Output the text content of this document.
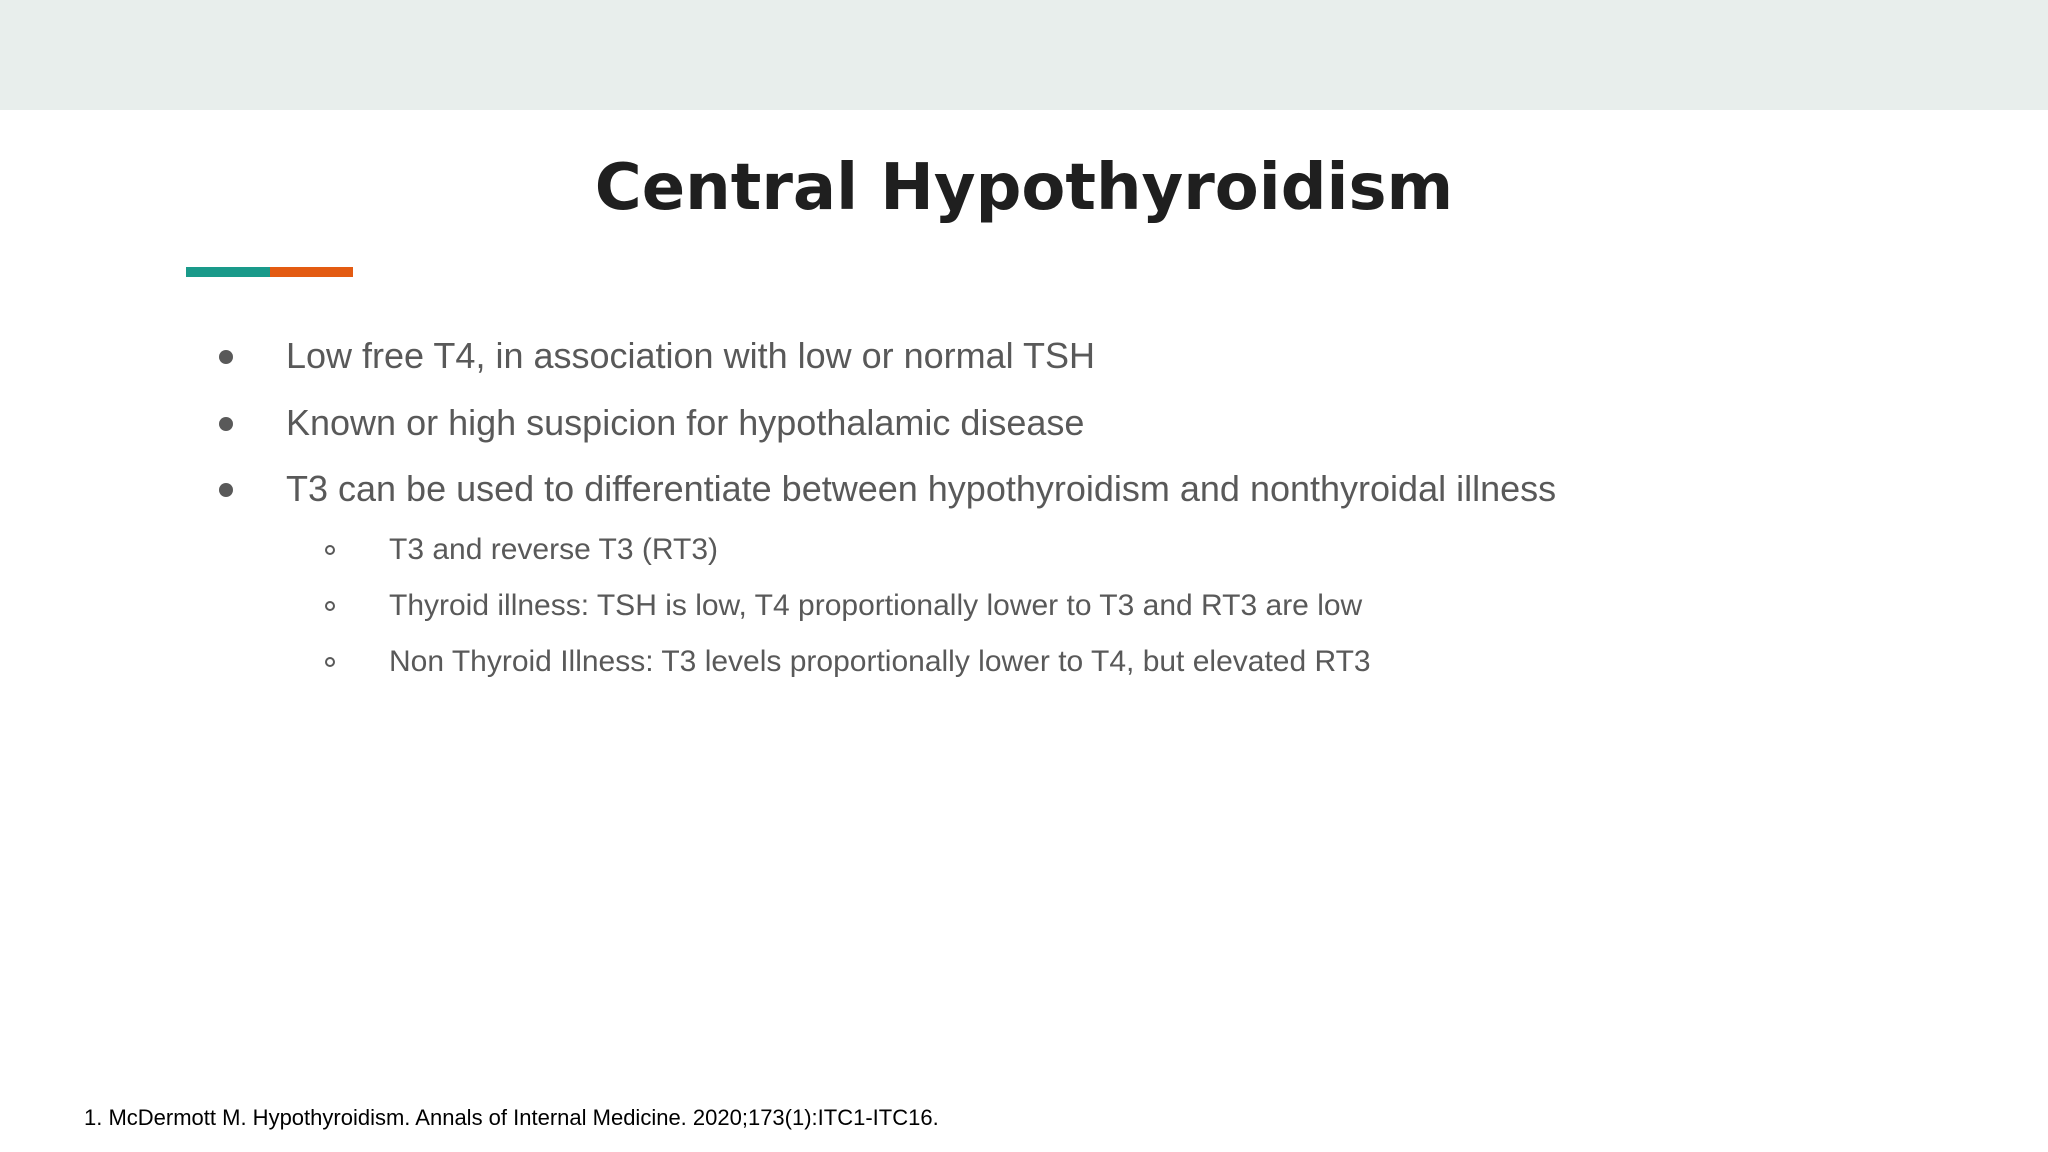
Central Hypothyroidism
Low free T4, in association with low or normal TSH
Known or high suspicion for hypothalamic disease
T3 can be used to differentiate between hypothyroidism and nonthyroidal illness
T3 and reverse T3 (RT3)
Thyroid illness: TSH is low, T4 proportionally lower to T3 and RT3 are low
Non Thyroid Illness: T3 levels proportionally lower to T4, but elevated RT3
1. McDermott M. Hypothyroidism. Annals of Internal Medicine. 2020;173(1):ITC1-ITC16.
